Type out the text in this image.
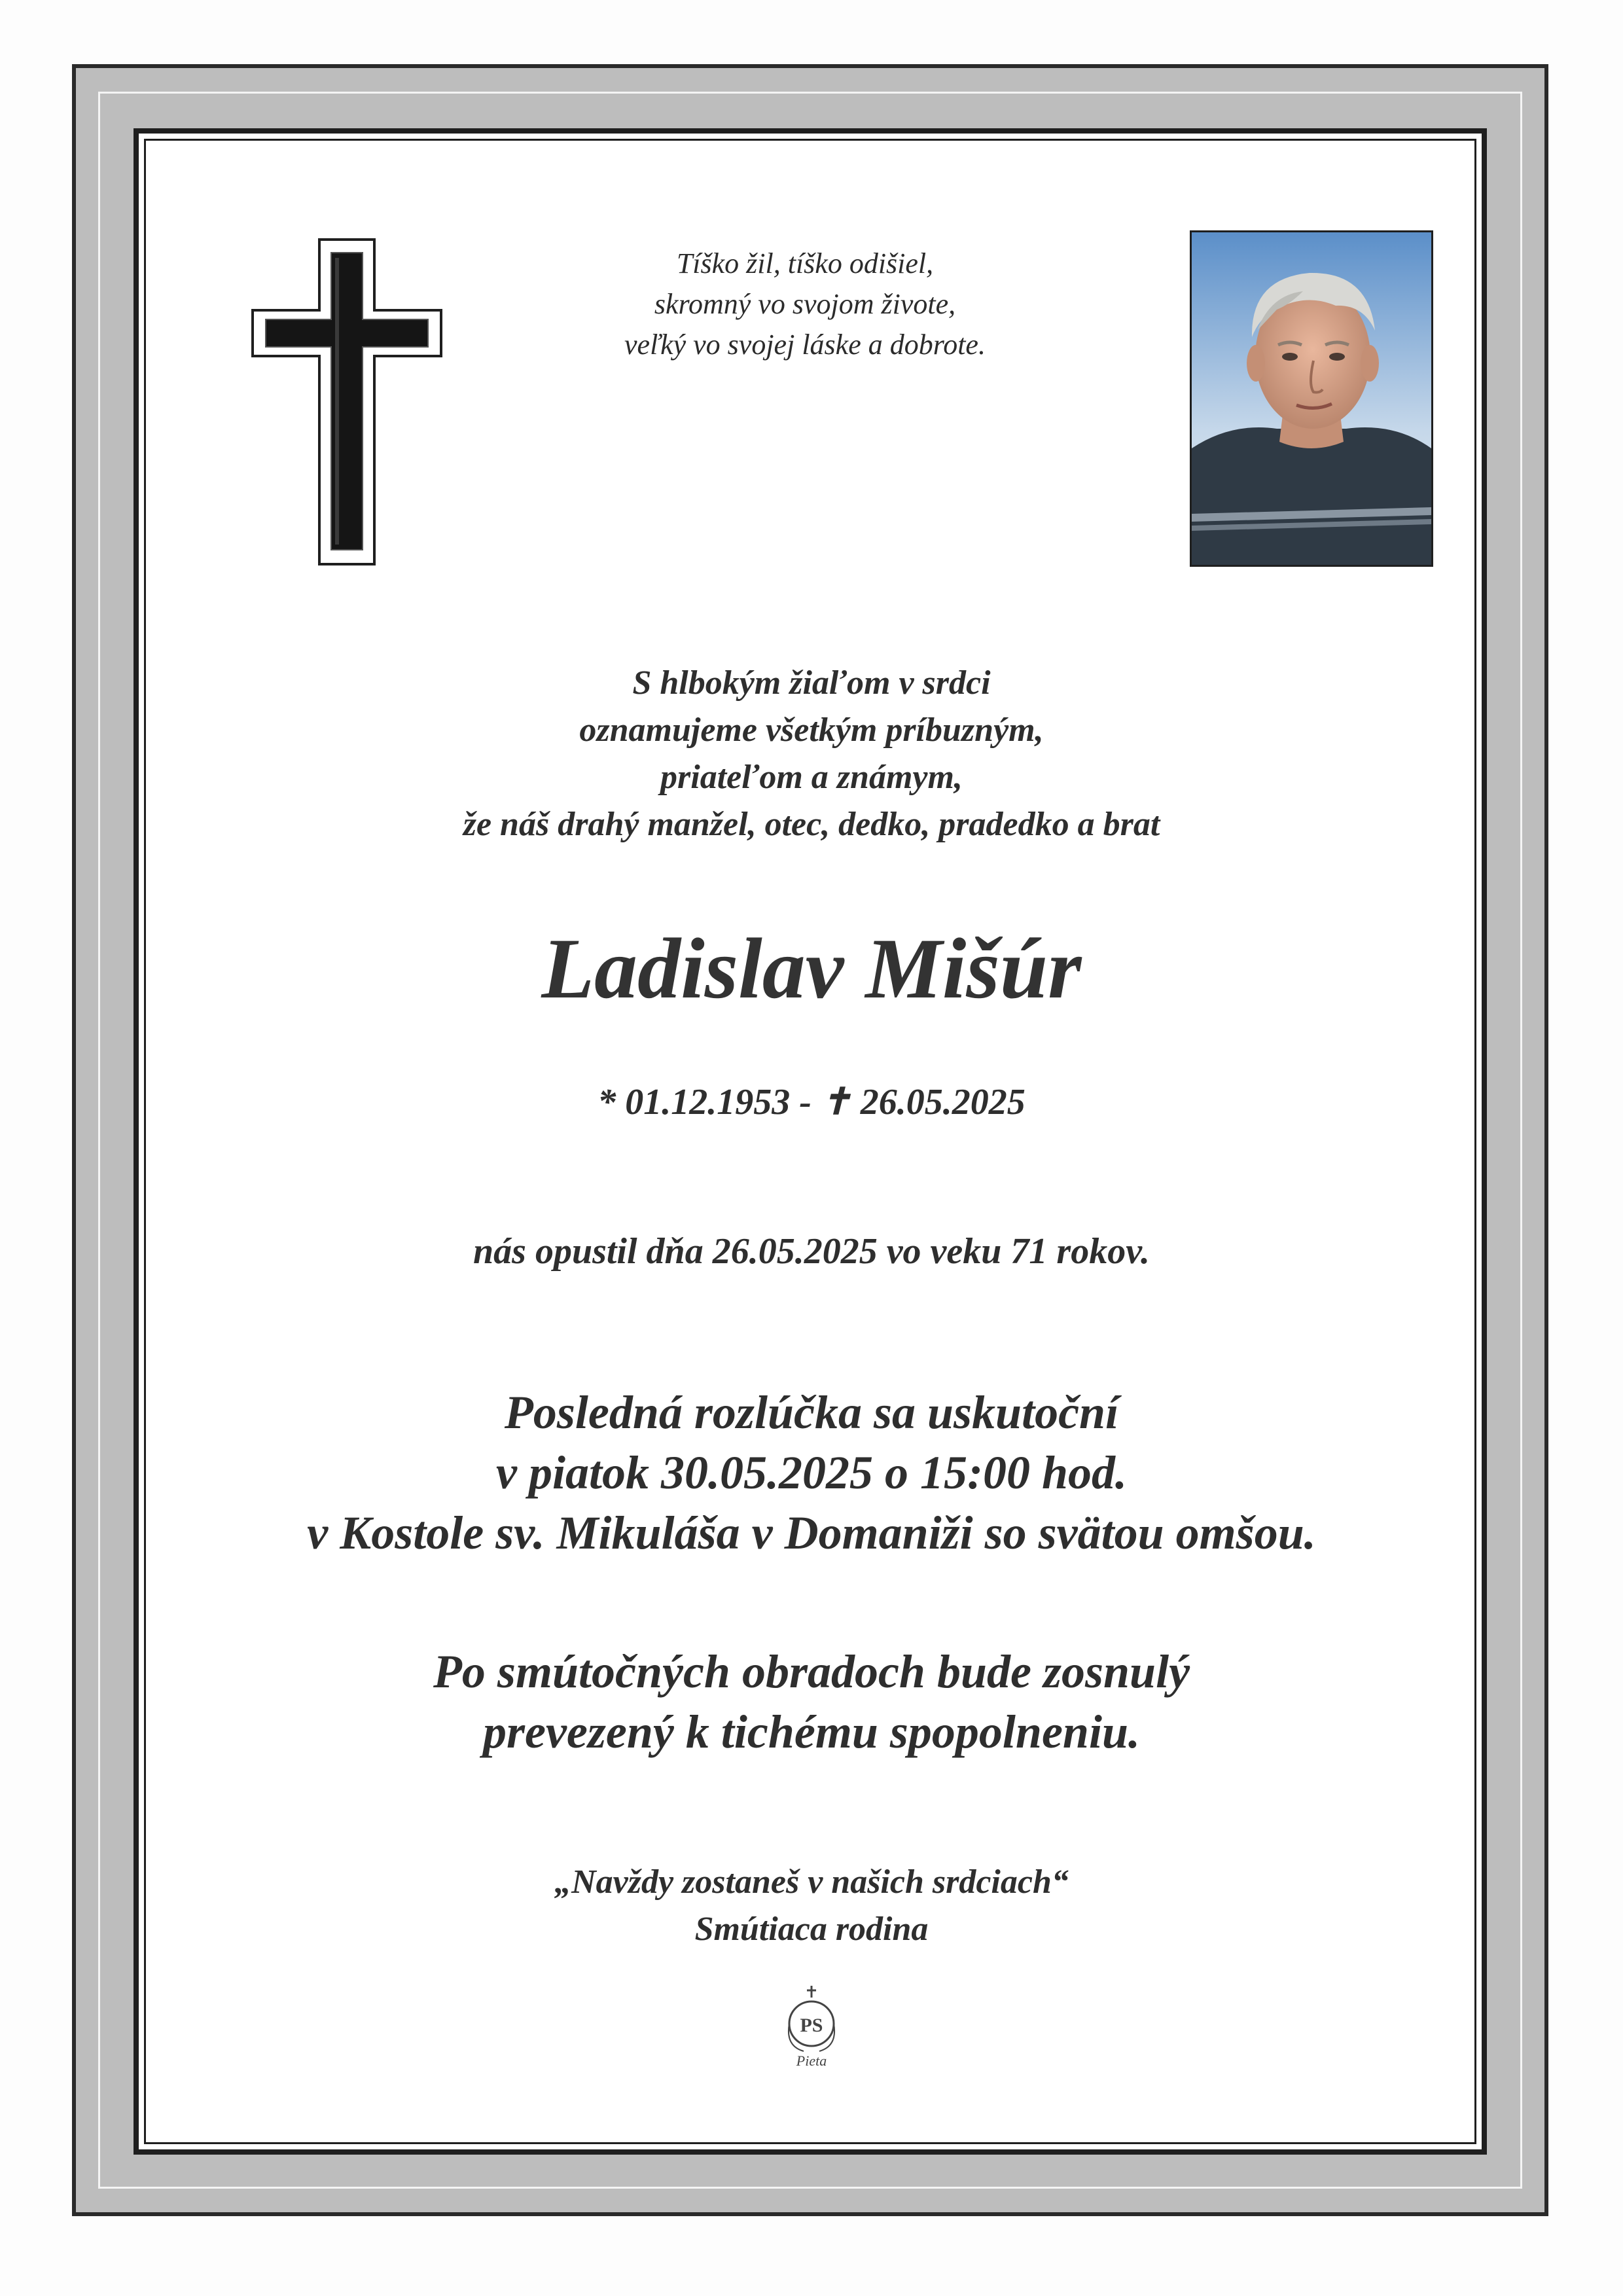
Tíško žil, tíško odišiel,
skromný vo svojom živote,
veľký vo svojej láske a dobrote.
S hlbokým žiaľom v srdci
oznamujeme všetkým príbuzným,
priateľom a známym,
že náš drahý manžel, otec, dedko, pradedko a brat
Ladislav Mišúr
* 01.12.1953 - ✝ 26.05.2025
nás opustil dňa 26.05.2025 vo veku 71 rokov.
Posledná rozlúčka sa uskutoční
v piatok 30.05.2025 o 15:00 hod.
v Kostole sv. Mikuláša v Domaniži so svätou omšou.
Po smútočných obradoch bude zosnulý
prevezený k tichému spopolneniu.
„Navždy zostaneš v našich srdciach“
Smútiaca rodina
PS
Pieta
